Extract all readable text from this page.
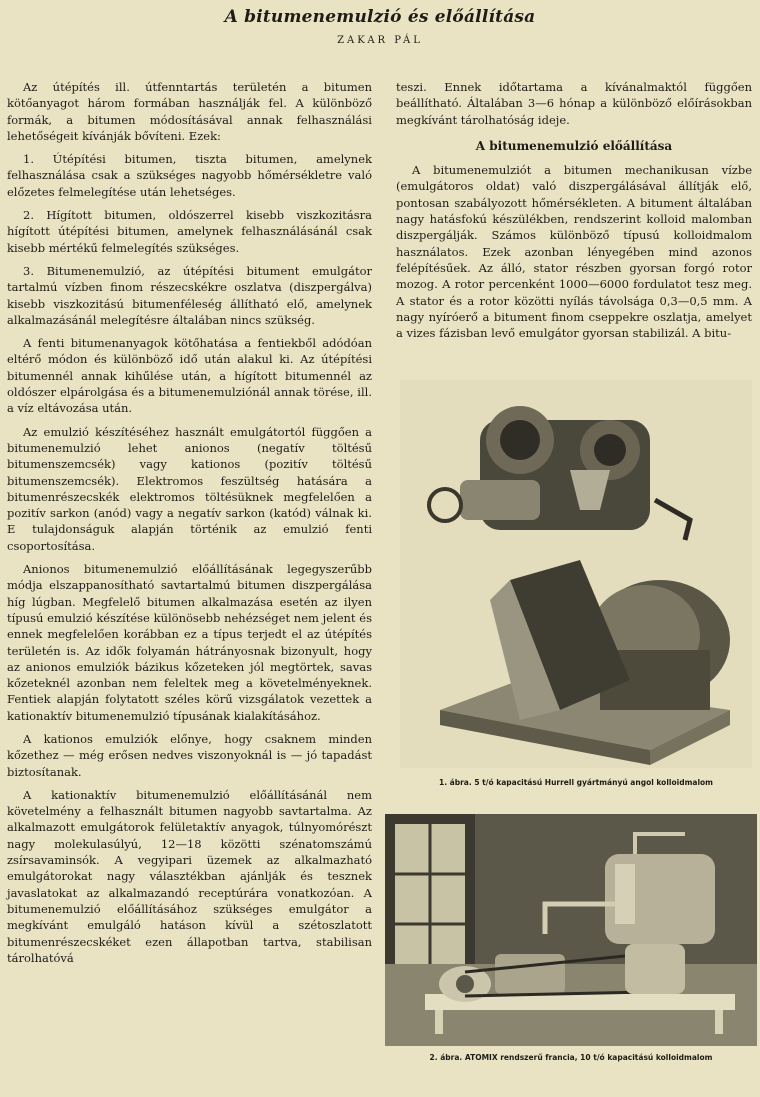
A bitumenemulzió és előállítása
ZAKAR PÁL

Az útépítés ill. útfenntartás területén a bitumen kötőanyagot három formában használják fel. A különböző formák, a bitumen módosításával annak felhasználási lehetőségeit kívánják bővíteni. Ezek:

1. Útépítési bitumen, tiszta bitumen, amelynek felhasználása csak a szükséges nagyobb hőmérsékletre való előzetes felmelegítése után lehetséges.

2. Hígított bitumen, oldószerrel kisebb viszkozitásra hígított útépítési bitumen, amelynek felhasználásánál csak kisebb mértékű felmelegítés szükséges.

3. Bitumenemulzió, az útépítési bitument emulgátor tartalmú vízben finom részecskékre oszlatva (diszpergálva) kisebb viszkozitású bitumenféleség állítható elő, amelynek alkalmazásánál melegítésre általában nincs szükség.

A fenti bitumenanyagok kötőhatása a fentiekből adódóan eltérő módon és különböző idő után alakul ki. Az útépítési bitumennél annak kihűlése után, a hígított bitumennél az oldószer elpárolgása és a bitumenemulziónál annak törése, ill. a víz eltávozása után.

Az emulzió készítéséhez használt emulgátortól függően a bitumenemulzió lehet anionos (negatív töltésű bitumenszemcsék) vagy kationos (pozitív töltésű bitumenszemcsék). Elektromos feszültség hatására a bitumenrészecskék elektromos töltésüknek megfelelően a pozitív sarkon (anód) vagy a negatív sarkon (katód) válnak ki. E tulajdonságuk alapján történik az emulzió fenti csoportosítása.

Anionos bitumenemulzió előállításának legegyszerűbb módja elszappanosítható savtartalmú bitumen diszpergálása híg lúgban. Megfelelő bitumen alkalmazása esetén az ilyen típusú emulzió készítése különösebb nehézséget nem jelent és ennek megfelelően korábban ez a típus terjedt el az útépítés területén is. Az idők folyamán hátrányosnak bizonyult, hogy az anionos emulziók bázikus kőzeteken jól megtörtek, savas kőzeteknél azonban nem feleltek meg a követelményeknek. Fentiek alapján folytatott széles körű vizsgálatok vezettek a kationaktív bitumenemulzió típusának kialakításához.

A kationos emulziók előnye, hogy csaknem minden kőzethez — még erősen nedves viszonyoknál is — jó tapadást biztosítanak.

A kationaktív bitumenemulzió előállításánál nem követelmény a felhasznált bitumen nagyobb savtartalma. Az alkalmazott emulgátorok felületaktív anyagok, túlnyomórészt nagy molekulasúlyú, 12—18 közötti szénatomszámú zsírsavaminsók. A vegyipari üzemek az alkalmazható emulgátorokat nagy választékban ajánlják és tesznek javaslatokat az alkalmazandó receptúrára vonatkozóan. A bitumenemulzió előállításához szükséges emulgátor a megkívánt emulgáló hatáson kívül a szétoszlatott bitumenrészecskéket ezen állapotban tartva, stabilisan tárolhatóvá

teszi. Ennek időtartama a kívánalmaktól függően beállítható. Általában 3—6 hónap a különböző előírásokban megkívánt tárolhatóság ideje.

A bitumenemulzió előállítása

A bitumenemulziót a bitumen mechanikusan vízbe (emulgátoros oldat) való diszpergálásával állítják elő, pontosan szabályozott hőmérsékleten. A bitument általában nagy hatásfokú készülékben, rendszerint kolloid malomban diszpergálják. Számos különböző típusú kolloidmalom használatos. Ezek azonban lényegében mind azonos felépítésűek. Az álló, stator részben gyorsan forgó rotor mozog. A rotor percenként 1000—6000 fordulatot tesz meg. A stator és a rotor közötti nyílás távolsága 0,3—0,5 mm. A nagy nyíróerő a bitument finom cseppekre oszlatja, amelyet a vizes fázisban levő emulgátor gyorsan stabilizál. A bitu-

1. ábra. 5 t/ó kapacitású Hurrell gyártmányú angol kolloidmalom
2. ábra. ATOMIX rendszerű francia, 10 t/ó kapacitású kolloidmalom
